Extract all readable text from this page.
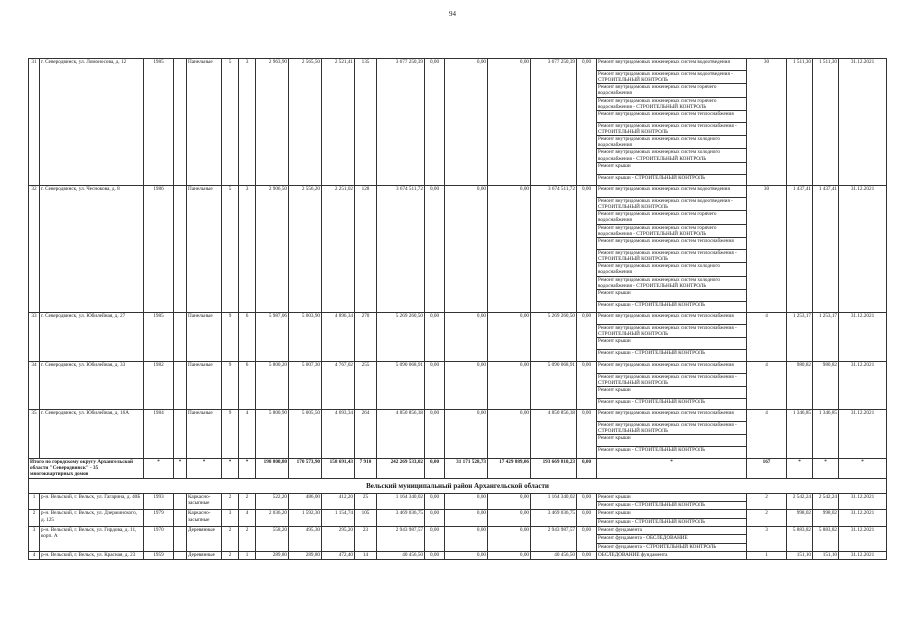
94
31	г. Северодвинск, ул. Ломоносова, д. 12	1985		Панельные	5	3	2 963,90	2 565,50	2 521,41	135	3 677 250,39	0,00	0,00	0,00	3 677 250,39	0,00	Ремонт внутридомовых инженерных систем водоотведения	30	1 511,30	1 511,30	31.12.2021
																	Ремонт внутридомовых инженерных систем водоотведения - СТРОИТЕЛЬНЫЙ КОНТРОЛЬ				
																	Ремонт внутридомовых инженерных систем горячего водоснабжения				
																	Ремонт внутридомовых инженерных систем горячего водоснабжения - СТРОИТЕЛЬНЫЙ КОНТРОЛЬ				
																	Ремонт внутридомовых инженерных систем теплоснабжения				
																	Ремонт внутридомовых инженерных систем теплоснабжения - СТРОИТЕЛЬНЫЙ КОНТРОЛЬ				
																	Ремонт внутридомовых инженерных систем холодного водоснабжения				
																	Ремонт внутридомовых инженерных систем холодного водоснабжения - СТРОИТЕЛЬНЫЙ КОНТРОЛЬ				
																	Ремонт крыши				
																	Ремонт крыши - СТРОИТЕЛЬНЫЙ КОНТРОЛЬ				
32	г. Северодвинск, ул. Чеснокова, д. 8	1986		Панельные	5	3	2 906,50	2 556,20	2 251,02	128	3 674 511,72	0,00	0,00	0,00	3 674 511,72	0,00	Ремонт внутридомовых инженерных систем водоотведения	30	1 437,41	1 437,41	31.12.2021
																	Ремонт внутридомовых инженерных систем водоотведения - СТРОИТЕЛЬНЫЙ КОНТРОЛЬ				
																	Ремонт внутридомовых инженерных систем горячего водоснабжения				
																	Ремонт внутридомовых инженерных систем горячего водоснабжения - СТРОИТЕЛЬНЫЙ КОНТРОЛЬ				
																	Ремонт внутридомовых инженерных систем теплоснабжения				
																	Ремонт внутридомовых инженерных систем теплоснабжения - СТРОИТЕЛЬНЫЙ КОНТРОЛЬ				
																	Ремонт внутридомовых инженерных систем холодного водоснабжения				
																	Ремонт внутридомовых инженерных систем холодного водоснабжения - СТРОИТЕЛЬНЫЙ КОНТРОЛЬ				
																	Ремонт крыши				
																	Ремонт крыши - СТРОИТЕЛЬНЫЙ КОНТРОЛЬ				
33	г. Северодвинск, ул. Юбилейная, д. 27	1985		Панельные	9	6	5 987,06	5 003,90	4 896,34	270	5 269 260,50	0,00	0,00	0,00	5 269 260,50	0,00	Ремонт внутридомовых инженерных систем теплоснабжения	4	1 253,17	1 253,17	31.12.2021
																	Ремонт внутридомовых инженерных систем теплоснабжения - СТРОИТЕЛЬНЫЙ КОНТРОЛЬ				
																	Ремонт крыши				
																	Ремонт крыши - СТРОИТЕЛЬНЫЙ КОНТРОЛЬ				
34	г. Северодвинск, ул. Юбилейная, д. 33	1982		Панельные	9	6	5 800,20	5 007,30	4 767,02	255	5 090 068,91	0,00	0,00	0,00	5 090 068,91	0,00	Ремонт внутридомовых инженерных систем теплоснабжения	4	980,82	980,82	31.12.2021
																	Ремонт внутридомовых инженерных систем теплоснабжения - СТРОИТЕЛЬНЫЙ КОНТРОЛЬ				
																	Ремонт крыши				
																	Ремонт крыши - СТРОИТЕЛЬНЫЙ КОНТРОЛЬ				
35	г. Северодвинск, ул. Юбилейная, д. 16А	1984		Панельные	9	4	5 800,90	5 005,50	4 693,34	264	4 850 856,38	0,00	0,00	0,00	4 850 856,38	0,00	Ремонт внутридомовых инженерных систем теплоснабжения	4	1 346,85	1 346,85	31.12.2021
																	Ремонт внутридомовых инженерных систем теплоснабжения - СТРОИТЕЛЬНЫЙ КОНТРОЛЬ				
																	Ремонт крыши				
																	Ремонт крыши - СТРОИТЕЛЬНЫЙ КОНТРОЛЬ				
Итого по городскому округу Архангельской области "Северодвинск" - 35 многоквартирных домов		*	*	*	*	*	198 800,80	170 573,90	158 691,43	7 910	242 269 533,02	0,00	31 171 528,73	17 429 889,06	193 669 810,23	0,00	*	167	*	*	*
Вельский муниципальный район Архангельской области																					
1	р-н. Вельский, г. Вельск, ул. Гагарина, д. 40Б	1993		Каркасно-засыпные	2	2	522,20	486,00	412,20	25	1 164 340,02	0,00	0,00	0,00	1 164 340,02	0,00	Ремонт крыши	2	2 542,24	2 542,24	31.12.2021
																	Ремонт крыши - СТРОИТЕЛЬНЫЙ КОНТРОЛЬ				
2	р-н. Вельский, г. Вельск, ул. Дзержинского, д. 125	1979		Каркасно-засыпные	3	4	2 036,20	1 592,30	1 154,74	105	3 469 036,75	0,00	0,00	0,00	3 469 036,75	0,00	Ремонт крыши	2	998,02	998,02	31.12.2021
																	Ремонт крыши - СТРОИТЕЛЬНЫЙ КОНТРОЛЬ				
3	р-н. Вельский, г. Вельск, ул. Гирдова, д. 11, корп. А	1970		Деревянные	2	2	558,20	495,30	295,20	23	2 943 987,57	0,00	0,00	0,00	2 943 987,57	0,00	Ремонт фундамента	3	5 883,82	5 883,82	31.12.2021
																	Ремонт фундамента - ОБСЛЕДОВАНИЕ				
																	Ремонт фундамента - СТРОИТЕЛЬНЫЙ КОНТРОЛЬ				
4	р-н. Вельский, г. Вельск, ул. Красная, д. 23	1959		Деревянные	2	1	289,80	289,80	472,40	14	40 456,50	0,00	0,00	0,00	40 456,50	0,00	ОБСЛЕДОВАНИЕ фундамента	1	151,10	151,10	31.12.2021
